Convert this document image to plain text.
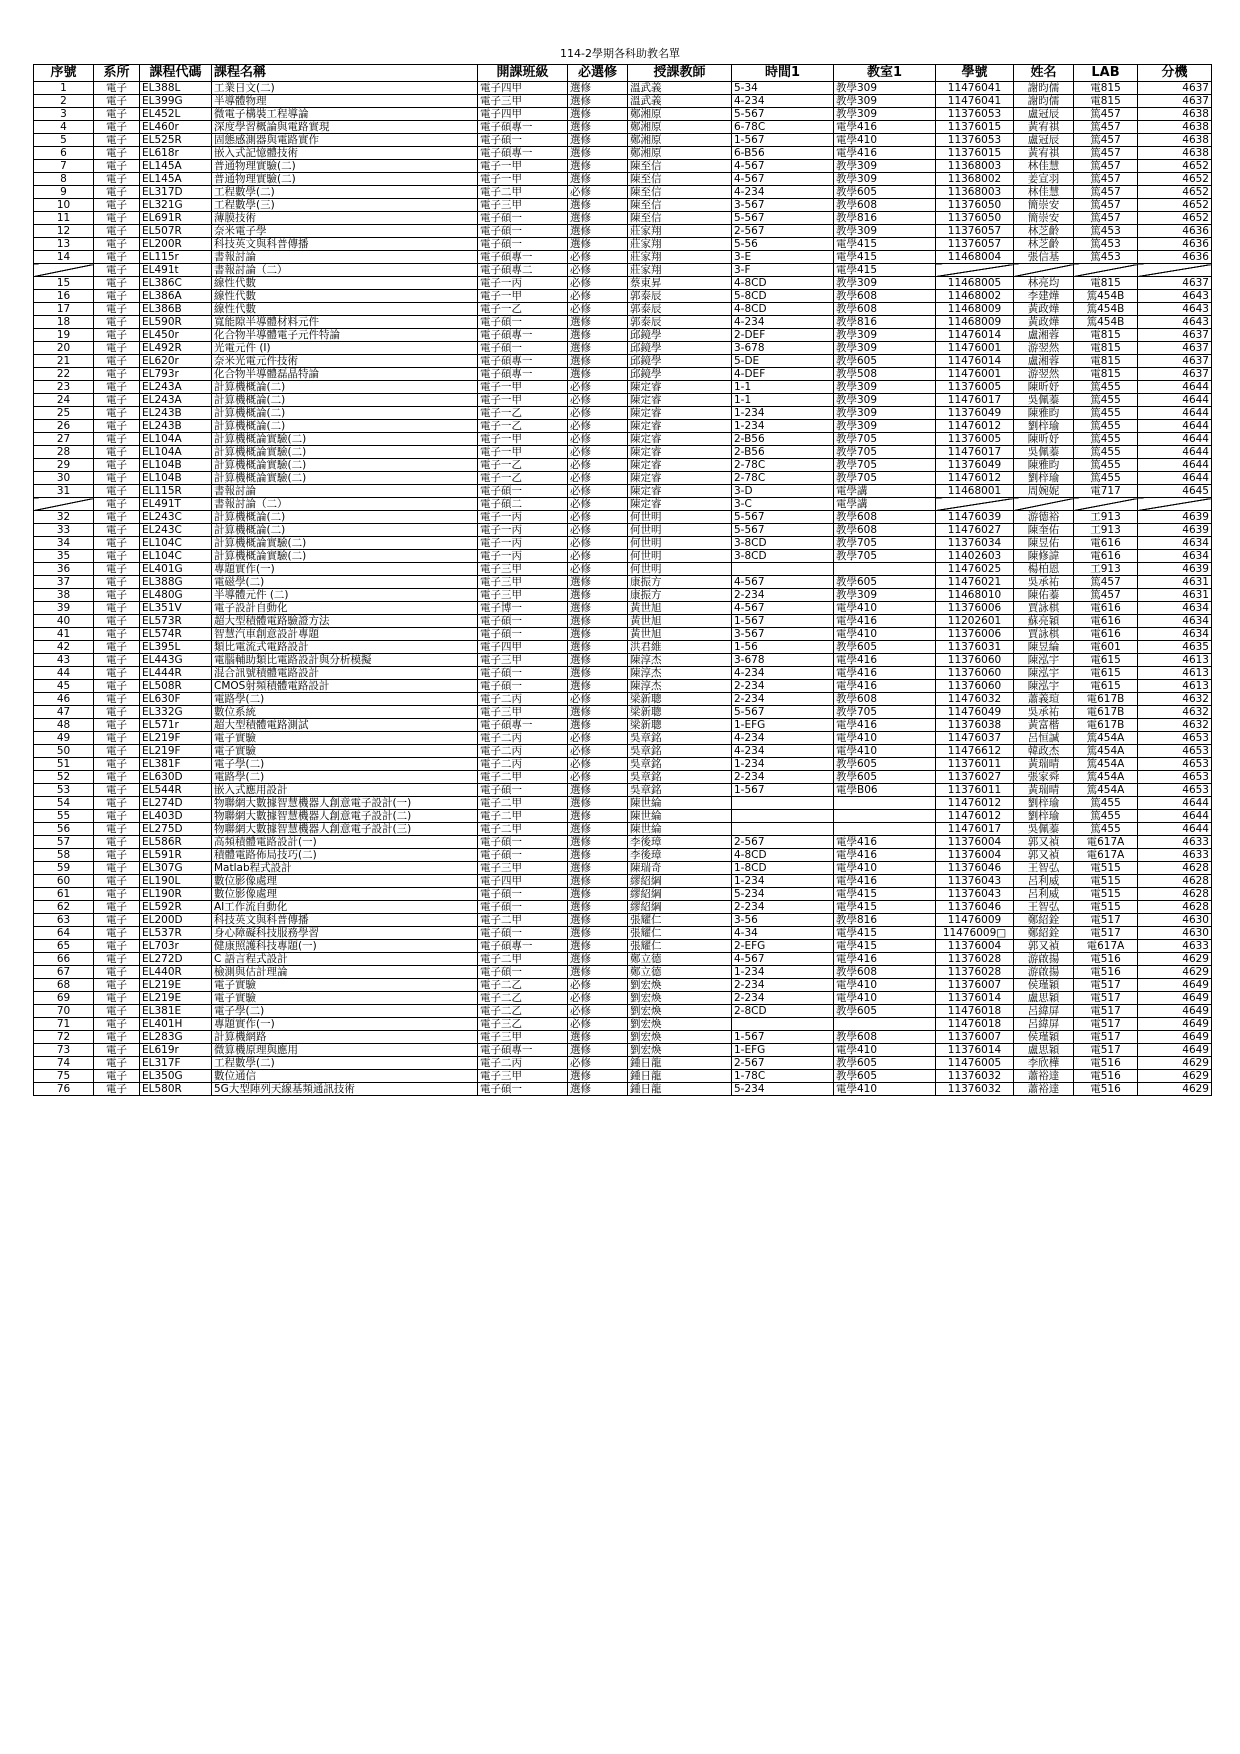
114-2學期各科助教名單
序號	系所	課程代碼	課程名稱	開課班級	必選修	授課教師	時間1	教室1	學號	姓名	LAB	分機
1	電子	EL388L	工業日文(二)	電子四甲	選修	溫武義	5-34	教學309	11476041	謝昀儒	電815	4637
2	電子	EL399G	半導體物理	電子三甲	選修	溫武義	4-234	教學309	11476041	謝昀儒	電815	4637
3	電子	EL452L	微電子構裝工程導論	電子四甲	選修	鄭湘原	5-567	教學309	11376053	盧冠辰	篤457	4638
4	電子	EL460r	深度學習概論與電路實現	電子碩專一	選修	鄭湘原	6-78C	電學416	11376015	黃宥祺	篤457	4638
5	電子	EL525R	固態感測器與電路實作	電子碩一	選修	鄭湘原	1-567	電學410	11376053	盧冠辰	篤457	4638
6	電子	EL618r	嵌入式記憶體技術	電子碩專一	選修	鄭湘原	6-B56	電學416	11376015	黃宥祺	篤457	4638
7	電子	EL145A	普通物理實驗(二)	電子一甲	選修	陳至信	4-567	教學309	11368003	林佳慧	篤457	4652
8	電子	EL145A	普通物理實驗(二)	電子一甲	選修	陳至信	4-567	教學309	11368002	姜宣羽	篤457	4652
9	電子	EL317D	工程數學(二)	電子二甲	必修	陳至信	4-234	教學605	11368003	林佳慧	篤457	4652
10	電子	EL321G	工程數學(三)	電子三甲	選修	陳至信	3-567	教學608	11376050	簡崇安	篤457	4652
11	電子	EL691R	薄膜技術	電子碩一	選修	陳至信	5-567	教學816	11376050	簡崇安	篤457	4652
12	電子	EL507R	奈米電子學	電子碩一	選修	莊家翔	2-567	教學309	11376057	林芝齡	篤453	4636
13	電子	EL200R	科技英文與科普傳播	電子碩一	選修	莊家翔	5-56	電學415	11376057	林芝齡	篤453	4636
14	電子	EL115r	書報討論	電子碩專一	必修	莊家翔	3-E	電學415	11468004	張信基	篤453	4636
	電子	EL491t	書報討論（二）	電子碩專二	必修	莊家翔	3-F	電學415				
15	電子	EL386C	線性代數	電子一丙	必修	蔡東昇	4-8CD	教學309	11468005	林亮均	電815	4637
16	電子	EL386A	線性代數	電子一甲	必修	郭泰辰	5-8CD	教學608	11468002	李建燁	篤454B	4643
17	電子	EL386B	線性代數	電子一乙	必修	郭泰辰	4-8CD	教學608	11468009	黃政燁	篤454B	4643
18	電子	EL590R	寬能隙半導體材料元件	電子碩一	選修	郭泰辰	4-234	教學816	11468009	黃政燁	篤454B	4643
19	電子	EL450r	化合物半導體電子元件特論	電子碩專一	選修	邱鏡學	2-DEF	教學309	11476014	盧湘蓉	電815	4637
20	電子	EL492R	光電元件 (I)	電子碩一	選修	邱鏡學	3-678	教學309	11476001	游翌然	電815	4637
21	電子	EL620r	奈米光電元件技術	電子碩專一	選修	邱鏡學	5-DE	教學605	11476014	盧湘蓉	電815	4637
22	電子	EL793r	化合物半導體磊晶特論	電子碩專一	選修	邱鏡學	4-DEF	教學508	11476001	游翌然	電815	4637
23	電子	EL243A	計算機概論(二)	電子一甲	必修	陳定睿	1-1	教學309	11376005	陳昕妤	篤455	4644
24	電子	EL243A	計算機概論(二)	電子一甲	必修	陳定睿	1-1	教學309	11476017	吳佩蓁	篤455	4644
25	電子	EL243B	計算機概論(二)	電子一乙	必修	陳定睿	1-234	教學309	11376049	陳雅昀	篤455	4644
26	電子	EL243B	計算機概論(二)	電子一乙	必修	陳定睿	1-234	教學309	11476012	劉梓瑜	篤455	4644
27	電子	EL104A	計算機概論實驗(二)	電子一甲	必修	陳定睿	2-B56	教學705	11376005	陳昕妤	篤455	4644
28	電子	EL104A	計算機概論實驗(二)	電子一甲	必修	陳定睿	2-B56	教學705	11476017	吳佩蓁	篤455	4644
29	電子	EL104B	計算機概論實驗(二)	電子一乙	必修	陳定睿	2-78C	教學705	11376049	陳雅昀	篤455	4644
30	電子	EL104B	計算機概論實驗(二)	電子一乙	必修	陳定睿	2-78C	教學705	11476012	劉梓瑜	篤455	4644
31	電子	EL115R	書報討論	電子碩一	必修	陳定睿	3-D	電學講	11468001	周婉妮	電717	4645
	電子	EL491T	書報討論（二）	電子碩二	必修	陳定睿	3-C	電學講				
32	電子	EL243C	計算機概論(二)	電子一丙	必修	何世明	5-567	教學608	11476039	游德裕	工913	4639
33	電子	EL243C	計算機概論(二)	電子一丙	必修	何世明	5-567	教學608	11476027	陳奎佑	工913	4639
34	電子	EL104C	計算機概論實驗(二)	電子一丙	必修	何世明	3-8CD	教學705	11376034	陳昱佑	電616	4634
35	電子	EL104C	計算機概論實驗(二)	電子一丙	必修	何世明	3-8CD	教學705	11402603	陳修諱	電616	4634
36	電子	EL401G	專題實作(一)	電子三甲	必修	何世明			11476025	楊柏恩	工913	4639
37	電子	EL388G	電磁學(二)	電子三甲	選修	康振方	4-567	教學605	11476021	吳承祐	篤457	4631
38	電子	EL480G	半導體元件 (二)	電子三甲	選修	康振方	2-234	教學309	11468010	陳佑蓁	篤457	4631
39	電子	EL351V	電子設計自動化	電子博一	選修	黃世旭	4-567	電學410	11376006	賈詠棋	電616	4634
40	電子	EL573R	超大型積體電路驗證方法	電子碩一	選修	黃世旭	1-567	電學416	11202601	蘇亮穎	電616	4634
41	電子	EL574R	智慧汽車創意設計專題	電子碩一	選修	黃世旭	3-567	電學410	11376006	賈詠棋	電616	4634
42	電子	EL395L	類比電流式電路設計	電子四甲	選修	洪君維	1-56	教學605	11376031	陳昱綸	電601	4635
43	電子	EL443G	電腦輔助類比電路設計與分析模擬	電子三甲	選修	陳淳杰	3-678	電學416	11376060	陳泓宇	電615	4613
44	電子	EL444R	混合訊號積體電路設計	電子碩一	選修	陳淳杰	4-234	電學416	11376060	陳泓宇	電615	4613
45	電子	EL508R	CMOS射頻積體電路設計	電子碩一	選修	陳淳杰	2-234	電學416	11376060	陳泓宇	電615	4613
46	電子	EL630F	電路學(二)	電子二丙	必修	梁新聰	2-234	教學608	11476032	蕭義瑄	電617B	4632
47	電子	EL332G	數位系統	電子三甲	選修	梁新聰	5-567	教學705	11476049	吳承祐	電617B	4632
48	電子	EL571r	超大型積體電路測試	電子碩專一	選修	梁新聰	1-EFG	電學416	11376038	黃富楷	電617B	4632
49	電子	EL219F	電子實驗	電子二丙	必修	吳章銘	4-234	電學410	11476037	呂恒諴	篤454A	4653
50	電子	EL219F	電子實驗	電子二丙	必修	吳章銘	4-234	電學410	11476612	韓政杰	篤454A	4653
51	電子	EL381F	電子學(二)	電子二丙	必修	吳章銘	1-234	教學605	11376011	黃瑞晴	篤454A	4653
52	電子	EL630D	電路學(二)	電子二甲	必修	吳章銘	2-234	教學605	11376027	張家舜	篤454A	4653
53	電子	EL544R	嵌入式應用設計	電子碩一	選修	吳章銘	1-567	電學B06	11376011	黃瑞晴	篤454A	4653
54	電子	EL274D	物聯網大數據智慧機器人創意電子設計(一)	電子二甲	選修	陳世綸			11476012	劉梓瑜	篤455	4644
55	電子	EL403D	物聯網大數據智慧機器人創意電子設計(二)	電子二甲	選修	陳世綸			11476012	劉梓瑜	篤455	4644
56	電子	EL275D	物聯網大數據智慧機器人創意電子設計(三)	電子二甲	選修	陳世綸			11476017	吳佩蓁	篤455	4644
57	電子	EL586R	高頻積體電路設計(一)	電子碩一	選修	李後璋	2-567	電學416	11376004	郭又禎	電617A	4633
58	電子	EL591R	積體電路佈局技巧(二)	電子碩一	選修	李後璋	4-8CD	電學416	11376004	郭又禎	電617A	4633
59	電子	EL307G	Matlab程式設計	電子三甲	選修	陳瑞奇	1-8CD	電學410	11376046	王智弘	電515	4628
60	電子	EL190L	數位影像處理	電子四甲	選修	繆紹綱	1-234	電學416	11376043	呂利威	電515	4628
61	電子	EL190R	數位影像處理	電子碩一	選修	繆紹綱	5-234	電學415	11376043	呂利威	電515	4628
62	電子	EL592R	AI工作流自動化	電子碩一	選修	繆紹綱	2-234	電學415	11376046	王智弘	電515	4628
63	電子	EL200D	科技英文與科普傳播	電子二甲	選修	張耀仁	3-56	教學816	11476009	鄭紹銓	電517	4630
64	電子	EL537R	身心障礙科技服務學習	電子碩一	選修	張耀仁	4-34	電學415	11476009□	鄭紹銓	電517	4630
65	電子	EL703r	健康照護科技專題(一)	電子碩專一	選修	張耀仁	2-EFG	電學415	11376004	郭又禎	電617A	4633
66	電子	EL272D	C 語言程式設計	電子二甲	選修	鄭立德	4-567	電學416	11376028	游啟揚	電516	4629
67	電子	EL440R	檢測與估計理論	電子碩一	選修	鄭立德	1-234	教學608	11376028	游啟揚	電516	4629
68	電子	EL219E	電子實驗	電子二乙	必修	劉宏煥	2-234	電學410	11376007	侯瑾穎	電517	4649
69	電子	EL219E	電子實驗	電子二乙	必修	劉宏煥	2-234	電學410	11376014	盧思穎	電517	4649
70	電子	EL381E	電子學(二)	電子二乙	必修	劉宏煥	2-8CD	教學605	11476018	呂緯屏	電517	4649
71	電子	EL401H	專題實作(一)	電子三乙	必修	劉宏煥			11476018	呂緯屏	電517	4649
72	電子	EL283G	計算機網路	電子三甲	選修	劉宏煥	1-567	教學608	11376007	侯瑾穎	電517	4649
73	電子	EL619r	微算機原理與應用	電子碩專一	選修	劉宏煥	1-EFG	電學410	11376014	盧思穎	電517	4649
74	電子	EL317F	工程數學(二)	電子二丙	必修	鍾日龍	2-567	教學605	11476005	李欣樺	電516	4629
75	電子	EL350G	數位通信	電子三甲	選修	鍾日龍	1-78C	教學605	11376032	蕭裕達	電516	4629
76	電子	EL580R	5G大型陣列天線基頻通訊技術	電子碩一	選修	鍾日龍	5-234	電學410	11376032	蕭裕達	電516	4629
